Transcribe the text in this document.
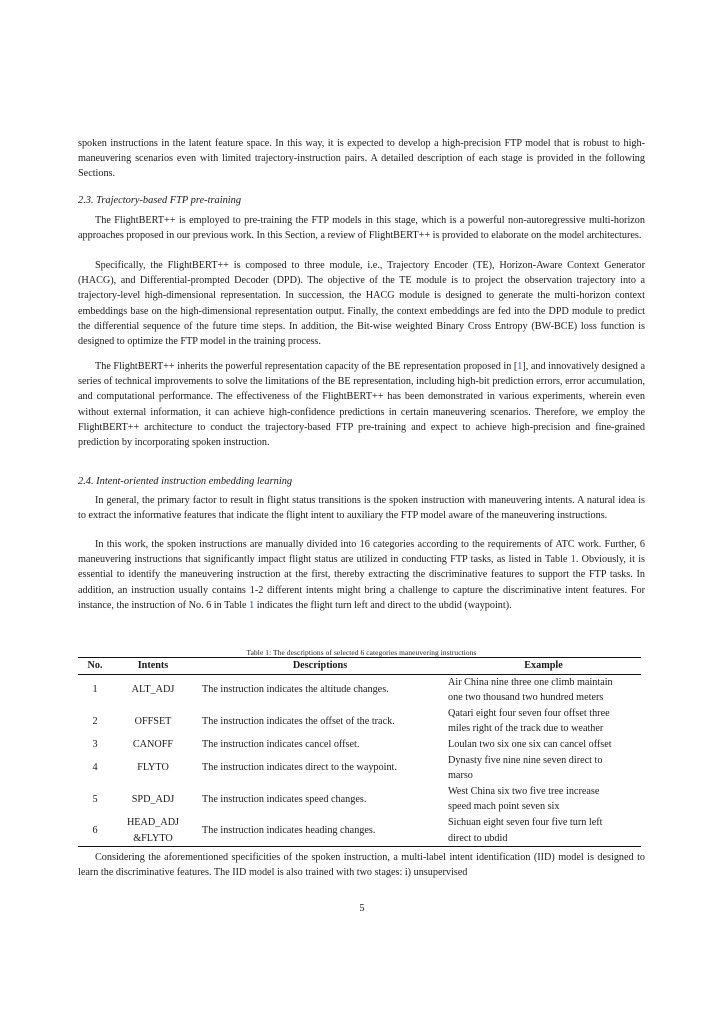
spoken instructions in the latent feature space. In this way, it is expected to develop a high-precision FTP model that is robust to high-maneuvering scenarios even with limited trajectory-instruction pairs. A detailed description of each stage is provided in the following Sections.

2.3. Trajectory-based FTP pre-training

The FlightBERT++ is employed to pre-training the FTP models in this stage, which is a powerful non-autoregressive multi-horizon approaches proposed in our previous work. In this Section, a review of FlightBERT++ is provided to elaborate on the model architectures.

Specifically, the FlightBERT++ is composed to three module, i.e., Trajectory Encoder (TE), Horizon-Aware Context Generator (HACG), and Differential-prompted Decoder (DPD). The objective of the TE module is to project the observation trajectory into a trajectory-level high-dimensional representation. In succession, the HACG module is designed to generate the multi-horizon context embeddings base on the high-dimensional representation output. Finally, the context embeddings are fed into the DPD module to predict the differential sequence of the future time steps. In addition, the Bit-wise weighted Binary Cross Entropy (BW-BCE) loss function is designed to optimize the FTP model in the training process.

The FlightBERT++ inherits the powerful representation capacity of the BE representation proposed in [1], and innovatively designed a series of technical improvements to solve the limitations of the BE representation, including high-bit prediction errors, error accumulation, and computational performance. The effectiveness of the FlightBERT++ has been demonstrated in various experiments, wherein even without external information, it can achieve high-confidence predictions in certain maneuvering scenarios. Therefore, we employ the FlightBERT++ architecture to conduct the trajectory-based FTP pre-training and expect to achieve high-precision and fine-grained prediction by incorporating spoken instruction.

2.4. Intent-oriented instruction embedding learning

In general, the primary factor to result in flight status transitions is the spoken instruction with maneuvering intents. A natural idea is to extract the informative features that indicate the flight intent to auxiliary the FTP model aware of the maneuvering instructions.

In this work, the spoken instructions are manually divided into 16 categories according to the requirements of ATC work. Further, 6 maneuvering instructions that significantly impact flight status are utilized in conducting FTP tasks, as listed in Table 1. Obviously, it is essential to identify the maneuvering instruction at the first, thereby extracting the discriminative features to support the FTP tasks. In addition, an instruction usually contains 1-2 different intents might bring a challenge to capture the discriminative intent features. For instance, the instruction of No. 6 in Table 1 indicates the flight turn left and direct to the ubdid (waypoint).

Table 1: The descriptions of selected 6 categories maneuvering instructions
No.	Intents	Descriptions	Example
1	ALT_ADJ	The instruction indicates the altitude changes.	Air China nine three one climb maintain
one two thousand two hundred meters
2	OFFSET	The instruction indicates the offset of the track.	Qatari eight four seven four offset three
miles right of the track due to weather
3	CANOFF	The instruction indicates cancel offset.	Loulan two six one six can cancel offset
4	FLYTO	The instruction indicates direct to the waypoint.	Dynasty five nine nine seven direct to
marso
5	SPD_ADJ	The instruction indicates speed changes.	West China six two five tree increase
speed mach point seven six
6	HEAD_ADJ
&FLYTO	The instruction indicates heading changes.	Sichuan eight seven four five turn left
direct to ubdid

Considering the aforementioned specificities of the spoken instruction, a multi-label intent identification (IID) model is designed to learn the discriminative features. The IID model is also trained with two stages: i) unsupervised

5
